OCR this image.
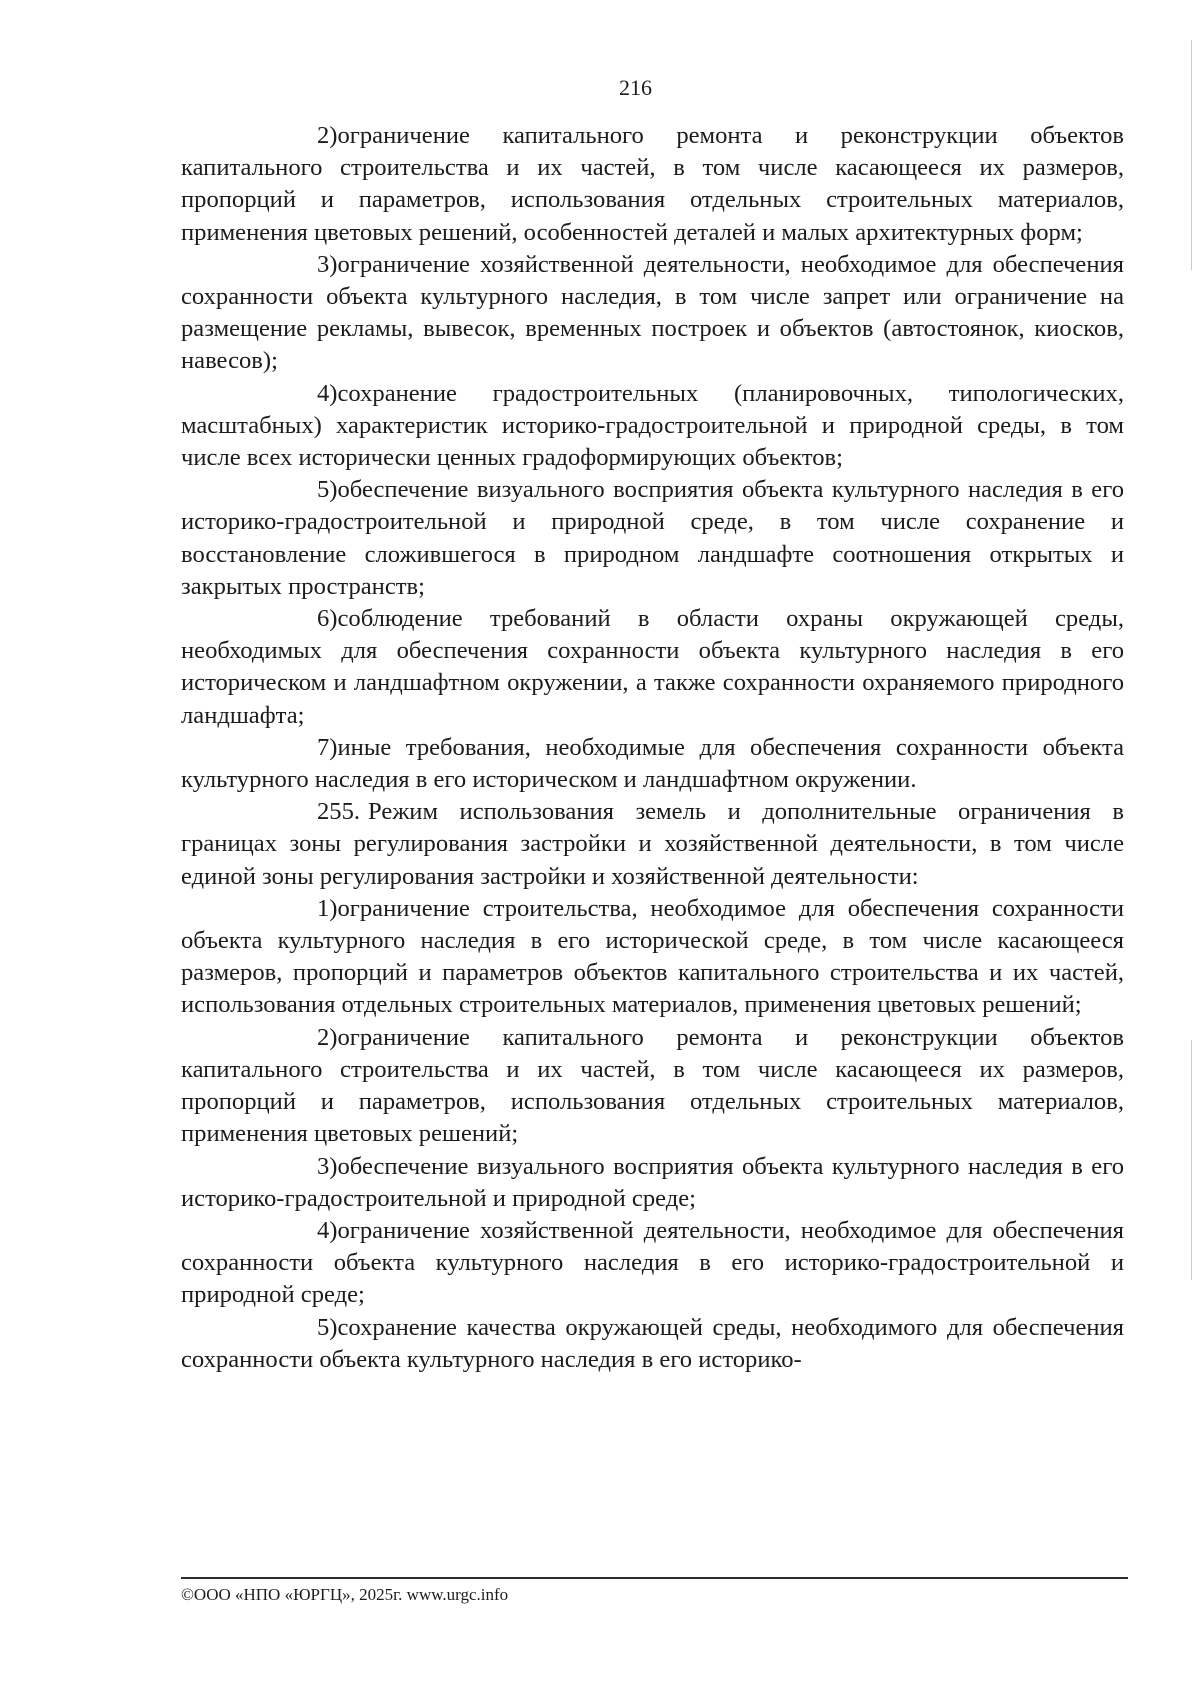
216

2)ограничение капитального ремонта и реконструкции объектов капитального строительства и их частей, в том числе касающееся их размеров, пропорций и параметров, использования отдельных строительных материалов, применения цветовых решений, особенностей деталей и малых архитектурных форм;

3)ограничение хозяйственной деятельности, необходимое для обеспечения сохранности объекта культурного наследия, в том числе запрет или ограничение на размещение рекламы, вывесок, временных построек и объектов (автостоянок, киосков, навесов);

4)сохранение градостроительных (планировочных, типологических, масштабных) характеристик историко-градостроительной и природной среды, в том числе всех исторически ценных градоформирующих объектов;

5)обеспечение визуального восприятия объекта культурного наследия в его историко-градостроительной и природной среде, в том числе сохранение и восстановление сложившегося в природном ландшафте соотношения открытых и закрытых пространств;

6)соблюдение требований в области охраны окружающей среды, необходимых для обеспечения сохранности объекта культурного наследия в его историческом и ландшафтном окружении, а также сохранности охраняемого природного ландшафта;

7)иные требования, необходимые для обеспечения сохранности объекта культурного наследия в его историческом и ландшафтном окружении.

255. Режим использования земель и дополнительные ограничения в границах зоны регулирования застройки и хозяйственной деятельности, в том числе единой зоны регулирования застройки и хозяйственной деятельности:

1)ограничение строительства, необходимое для обеспечения сохранности объекта культурного наследия в его исторической среде, в том числе касающееся размеров, пропорций и параметров объектов капитального строительства и их частей, использования отдельных строительных материалов, применения цветовых решений;

2)ограничение капитального ремонта и реконструкции объектов капитального строительства и их частей, в том числе касающееся их размеров, пропорций и параметров, использования отдельных строительных материалов, применения цветовых решений;

3)обеспечение визуального восприятия объекта культурного наследия в его историко-градостроительной и природной среде;

4)ограничение хозяйственной деятельности, необходимое для обеспечения сохранности объекта культурного наследия в его историко-градостроительной и природной среде;

5)сохранение качества окружающей среды, необходимого для обеспечения сохранности объекта культурного наследия в его историко-

©ООО «НПО «ЮРГЦ», 2025г. www.urgc.info
